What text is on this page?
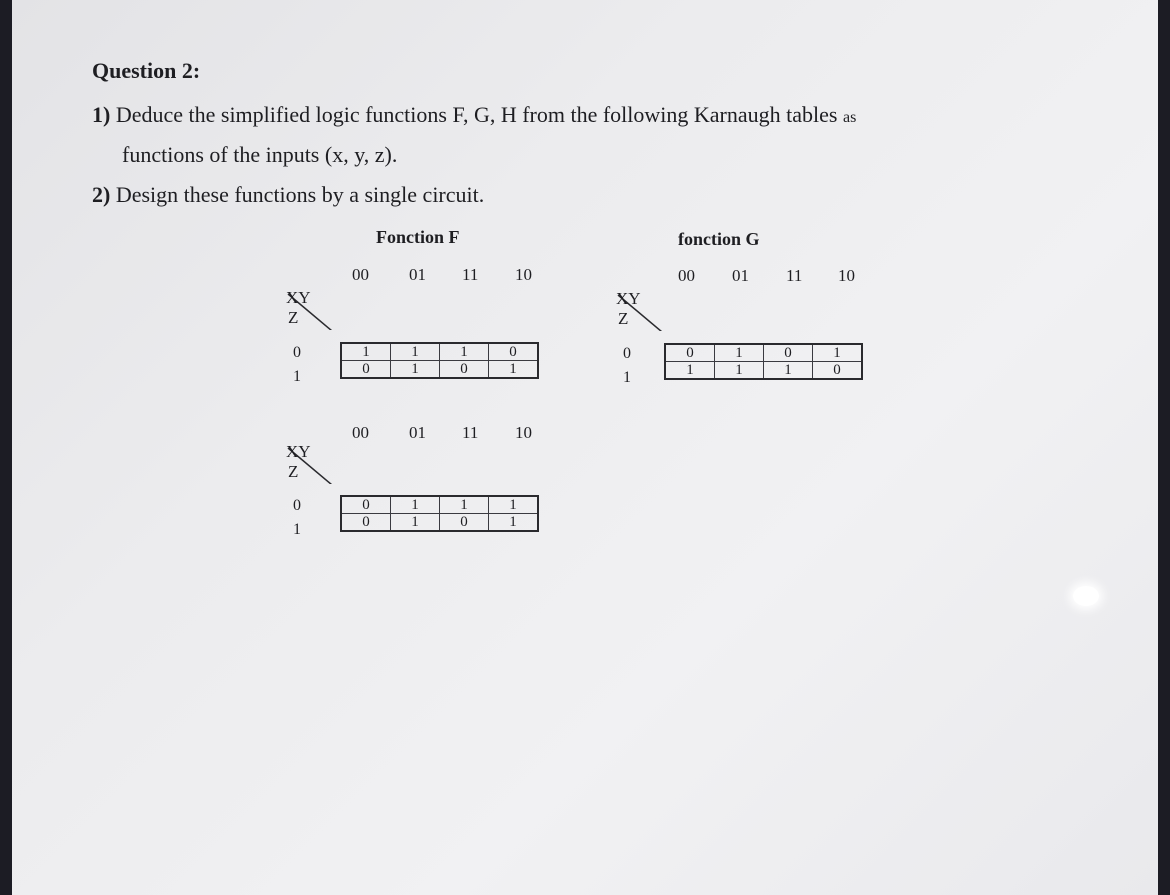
Question 2:
1) Deduce the simplified logic functions F, G, H from the following Karnaugh tables as
functions of the inputs (x, y, z).
2) Design these functions by a single circuit.
Fonction F
00 01 11 10
XY
Z
0
1
1	1	1	0
0	1	0	1
fonction G
00 01 11 10
XY
Z
0
1
0	1	0	1
1	1	1	0
00 01 11 10
XY
Z
0
1
0	1	1	1
0	1	0	1
